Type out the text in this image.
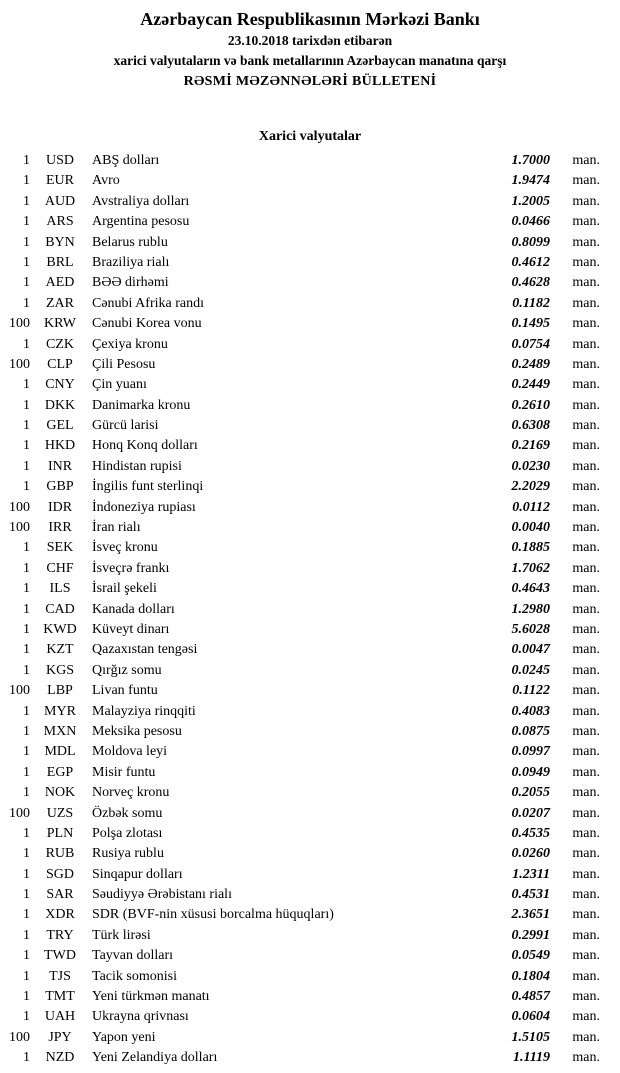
Azərbaycan Respublikasının Mərkəzi Bankı
23.10.2018 tarixdən etibarən
xarici valyutaların və bank metallarının Azərbaycan manatına qarşı
RƏSMİ MƏZƏNNƏLƏRİ BÜLLETENİ
Xarici valyutalar
1	USD	ABŞ dolları	1.7000	man.
1	EUR	Avro	1.9474	man.
1	AUD	Avstraliya dolları	1.2005	man.
1	ARS	Argentina pesosu	0.0466	man.
1	BYN	Belarus rublu	0.8099	man.
1	BRL	Braziliya rialı	0.4612	man.
1	AED	BƏƏ dirhəmi	0.4628	man.
1	ZAR	Cənubi Afrika randı	0.1182	man.
100	KRW	Cənubi Korea vonu	0.1495	man.
1	CZK	Çexiya kronu	0.0754	man.
100	CLP	Çili Pesosu	0.2489	man.
1	CNY	Çin yuanı	0.2449	man.
1	DKK	Danimarka kronu	0.2610	man.
1	GEL	Gürcü larisi	0.6308	man.
1	HKD	Honq Konq dolları	0.2169	man.
1	INR	Hindistan rupisi	0.0230	man.
1	GBP	İngilis funt sterlinqi	2.2029	man.
100	IDR	İndoneziya rupiası	0.0112	man.
100	IRR	İran rialı	0.0040	man.
1	SEK	İsveç kronu	0.1885	man.
1	CHF	İsveçrə frankı	1.7062	man.
1	ILS	İsrail şekeli	0.4643	man.
1	CAD	Kanada dolları	1.2980	man.
1 KWD	Küveyt dinarı	5.6028	man.
1	KZT	Qazaxıstan tengəsi	0.0047	man.
1	KGS	Qırğız somu	0.0245	man.
100	LBP	Livan funtu	0.1122	man.
1	MYR	Malayziya rinqqiti	0.4083	man.
1 MXN	Meksika pesosu	0.0875	man.
1	MDL	Moldova leyi	0.0997	man.
1	EGP	Misir funtu	0.0949	man.
1	NOK	Norveç kronu	0.2055	man.
100	UZS	Özbək somu	0.0207	man.
1	PLN	Polşa zlotası	0.4535	man.
1	RUB	Rusiya rublu	0.0260	man.
1	SGD	Sinqapur dolları	1.2311	man.
1	SAR	Səudiyyə Ərəbistanı rialı	0.4531	man.
1	XDR	SDR (BVF-nin xüsusi borcalma hüquqları)	2.3651	man.
1	TRY	Türk lirəsi	0.2991	man.
1	TWD	Tayvan dolları	0.0549	man.
1	TJS	Tacik somonisi	0.1804	man.
1	TMT	Yeni türkmən manatı	0.4857	man.
1	UAH	Ukrayna qrivnası	0.0604	man.
100	JPY	Yapon yeni	1.5105	man.
1	NZD	Yeni Zelandiya dolları	1.1119	man.
